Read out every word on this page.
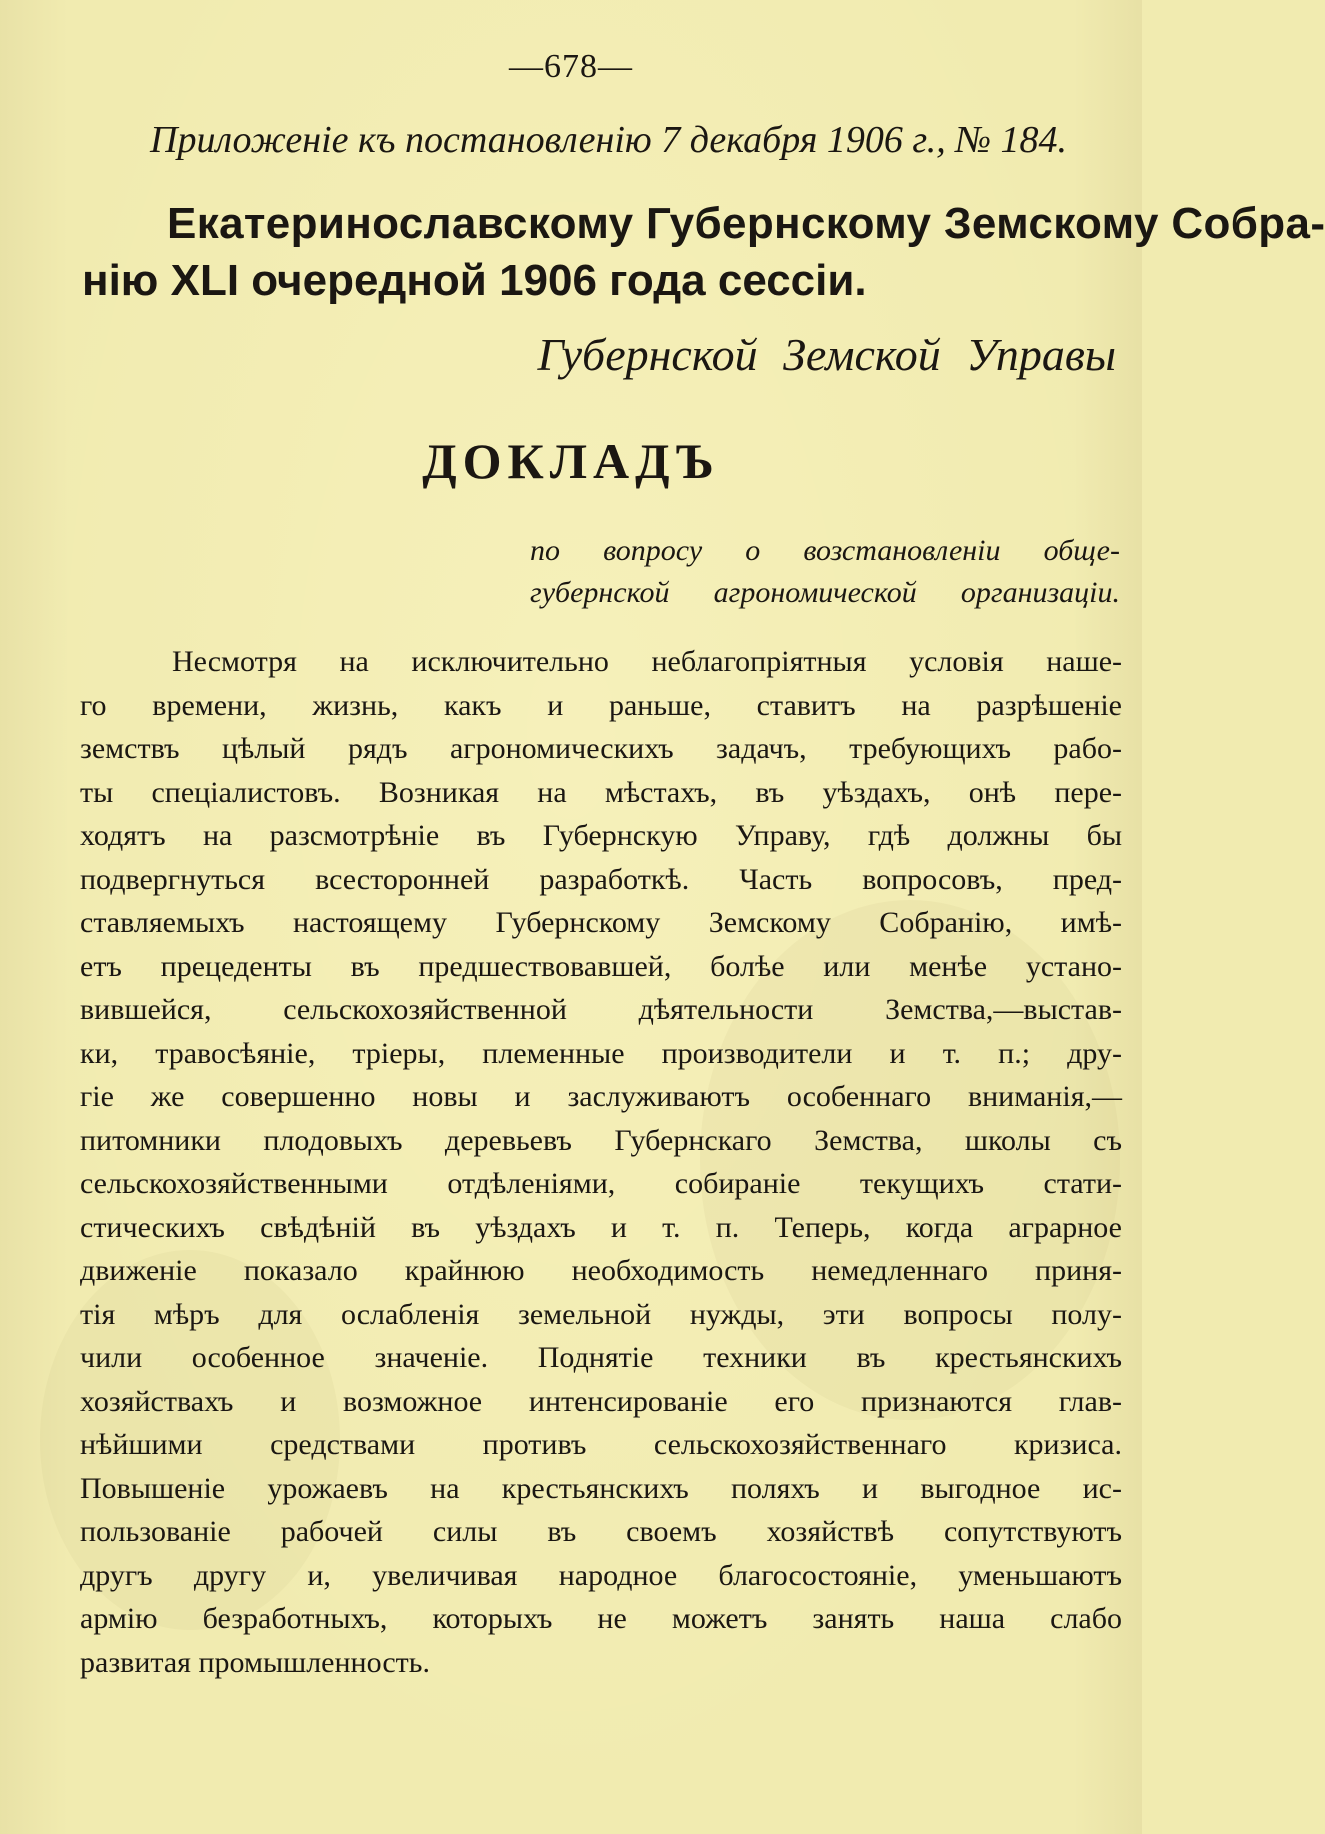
—678—
Приложеніе къ постановленію 7 декабря 1906 г., № 184.
Екатеринославскому Губернскому Земскому Собра-
нію XLI очередной 1906 года сессіи.
Губернской Земской Управы
ДОКЛАДЪ
по вопросу о возстановленіи обще-
губернской агрономической организаціи.
Несмотря на исключительно неблагопріятныя условія наше-
го времени, жизнь, какъ и раньше, ставитъ на разрѣшеніе
земствъ цѣлый рядъ агрономическихъ задачъ, требующихъ рабо-
ты спеціалистовъ. Возникая на мѣстахъ, въ уѣздахъ, онѣ пере-
ходятъ на разсмотрѣніе въ Губернскую Управу, гдѣ должны бы
подвергнуться всесторонней разработкѣ. Часть вопросовъ, пред-
ставляемыхъ настоящему Губернскому Земскому Собранію, имѣ-
етъ прецеденты въ предшествовавшей, болѣе или менѣе устано-
вившейся, сельскохозяйственной дѣятельности Земства,—выстав-
ки, травосѣяніе, тріеры, племенные производители и т. п.; дру-
гіе же совершенно новы и заслуживаютъ особеннаго вниманія,—
питомники плодовыхъ деревьевъ Губернскаго Земства, школы съ
сельскохозяйственными отдѣленіями, собираніе текущихъ стати-
стическихъ свѣдѣній въ уѣздахъ и т. п. Теперь, когда аграрное
движеніе показало крайнюю необходимость немедленнаго приня-
тія мѣръ для ослабленія земельной нужды, эти вопросы полу-
чили особенное значеніе. Поднятіе техники въ крестьянскихъ
хозяйствахъ и возможное интенсированіе его признаются глав-
нѣйшими средствами противъ сельскохозяйственнаго кризиса.
Повышеніе урожаевъ на крестьянскихъ поляхъ и выгодное ис-
пользованіе рабочей силы въ своемъ хозяйствѣ сопутствуютъ
другъ другу и, увеличивая народное благосостояніе, уменьшаютъ
армію безработныхъ, которыхъ не можетъ занять наша слабо
развитая промышленность.
